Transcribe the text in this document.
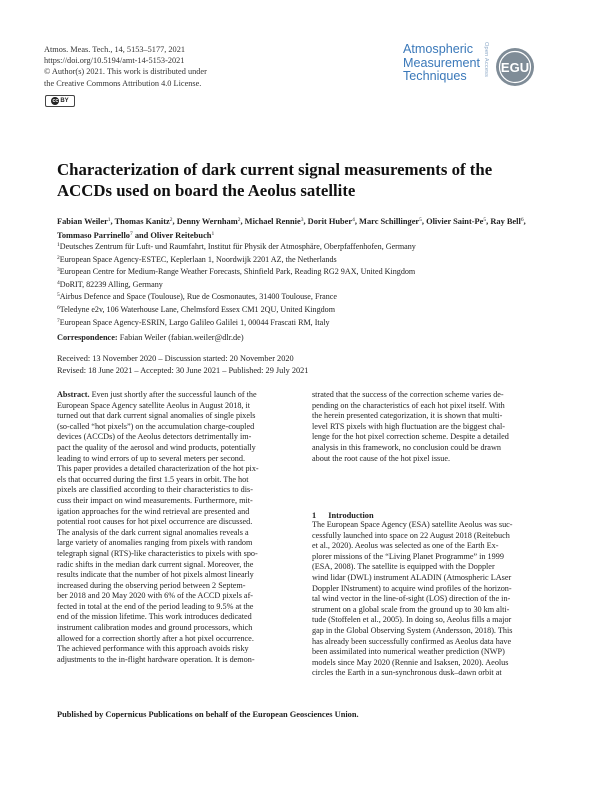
Atmos. Meas. Tech., 14, 5153–5177, 2021
https://doi.org/10.5194/amt-14-5153-2021
© Author(s) 2021. This work is distributed under
the Creative Commons Attribution 4.0 License.
cc BY
Atmospheric
Measurement
Techniques	Open Access EGU
Characterization of dark current signal measurements of the
ACCDs used on board the Aeolus satellite
Fabian Weiler$^1$, Thomas Kanitz$^2$, Denny Wernham$^2$, Michael Rennie$^3$, Dorit Huber$^4$, Marc Schillinger$^5$, Olivier Saint-Pe$^5$, Ray Bell$^6$, Tommaso Parrinello$^7$ and Oliver Reitebuch$^1$
$^1$Deutsches Zentrum für Luft- und Raumfahrt, Institut für Physik der Atmosphäre, Oberpfaffenhofen, Germany
$^2$European Space Agency-ESTEC, Keplerlaan 1, Noordwijk 2201 AZ, the Netherlands
$^3$European Centre for Medium-Range Weather Forecasts, Shinfield Park, Reading RG2 9AX, United Kingdom
$^4$DoRIT, 82239 Alling, Germany
$^5$Airbus Defence and Space (Toulouse), Rue de Cosmonautes, 31400 Toulouse, France
$^6$Teledyne e2v, 106 Waterhouse Lane, Chelmsford Essex CM1 2QU, United Kingdom
$^7$European Space Agency-ESRIN, Largo Galileo Galilei 1, 00044 Frascati RM, Italy
Correspondence: Fabian Weiler (fabian.weiler@dlr.de)
Received: 13 November 2020 – Discussion started: 20 November 2020
Revised: 18 June 2021 – Accepted: 30 June 2021 – Published: 29 July 2021
Abstract. Even just shortly after the successful launch of the
European Space Agency satellite Aeolus in August 2018, it
turned out that dark current signal anomalies of single pixels
(so-called “hot pixels”) on the accumulation charge-coupled
devices (ACCDs) of the Aeolus detectors detrimentally im-
pact the quality of the aerosol and wind products, potentially
leading to wind errors of up to several meters per second.
This paper provides a detailed characterization of the hot pix-
els that occurred during the first 1.5 years in orbit. The hot
pixels are classified according to their characteristics to dis-
cuss their impact on wind measurements. Furthermore, mit-
igation approaches for the wind retrieval are presented and
potential root causes for hot pixel occurrence are discussed.
The analysis of the dark current signal anomalies reveals a
large variety of anomalies ranging from pixels with random
telegraph signal (RTS)-like characteristics to pixels with spo-
radic shifts in the median dark current signal. Moreover, the
results indicate that the number of hot pixels almost linearly
increased during the observing period between 2 Septem-
ber 2018 and 20 May 2020 with 6% of the ACCD pixels af-
fected in total at the end of the period leading to 9.5% at the
end of the mission lifetime. This work introduces dedicated
instrument calibration modes and ground processors, which
allowed for a correction shortly after a hot pixel occurrence.
The achieved performance with this approach avoids risky
adjustments to the in-flight hardware operation. It is demon-
strated that the success of the correction scheme varies de-
pending on the characteristics of each hot pixel itself. With
the herein presented categorization, it is shown that multi-
level RTS pixels with high fluctuation are the biggest chal-
lenge for the hot pixel correction scheme. Despite a detailed
analysis in this framework, no conclusion could be drawn
about the root cause of the hot pixel issue.
1 Introduction
The European Space Agency (ESA) satellite Aeolus was suc-
cessfully launched into space on 22 August 2018 (Reitebuch
et al., 2020). Aeolus was selected as one of the Earth Ex-
plorer missions of the “Living Planet Programme” in 1999
(ESA, 2008). The satellite is equipped with the Doppler
wind lidar (DWL) instrument ALADIN (Atmospheric LAser
Doppler INstrument) to acquire wind profiles of the horizon-
tal wind vector in the line-of-sight (LOS) direction of the in-
strument on a global scale from the ground up to 30 km alti-
tude (Stoffelen et al., 2005). In doing so, Aeolus fills a major
gap in the Global Observing System (Andersson, 2018). This
has already been successfully confirmed as Aeolus data have
been assimilated into numerical weather prediction (NWP)
models since May 2020 (Rennie and Isaksen, 2020). Aeolus
circles the Earth in a sun-synchronous dusk–dawn orbit at
Published by Copernicus Publications on behalf of the European Geosciences Union.
